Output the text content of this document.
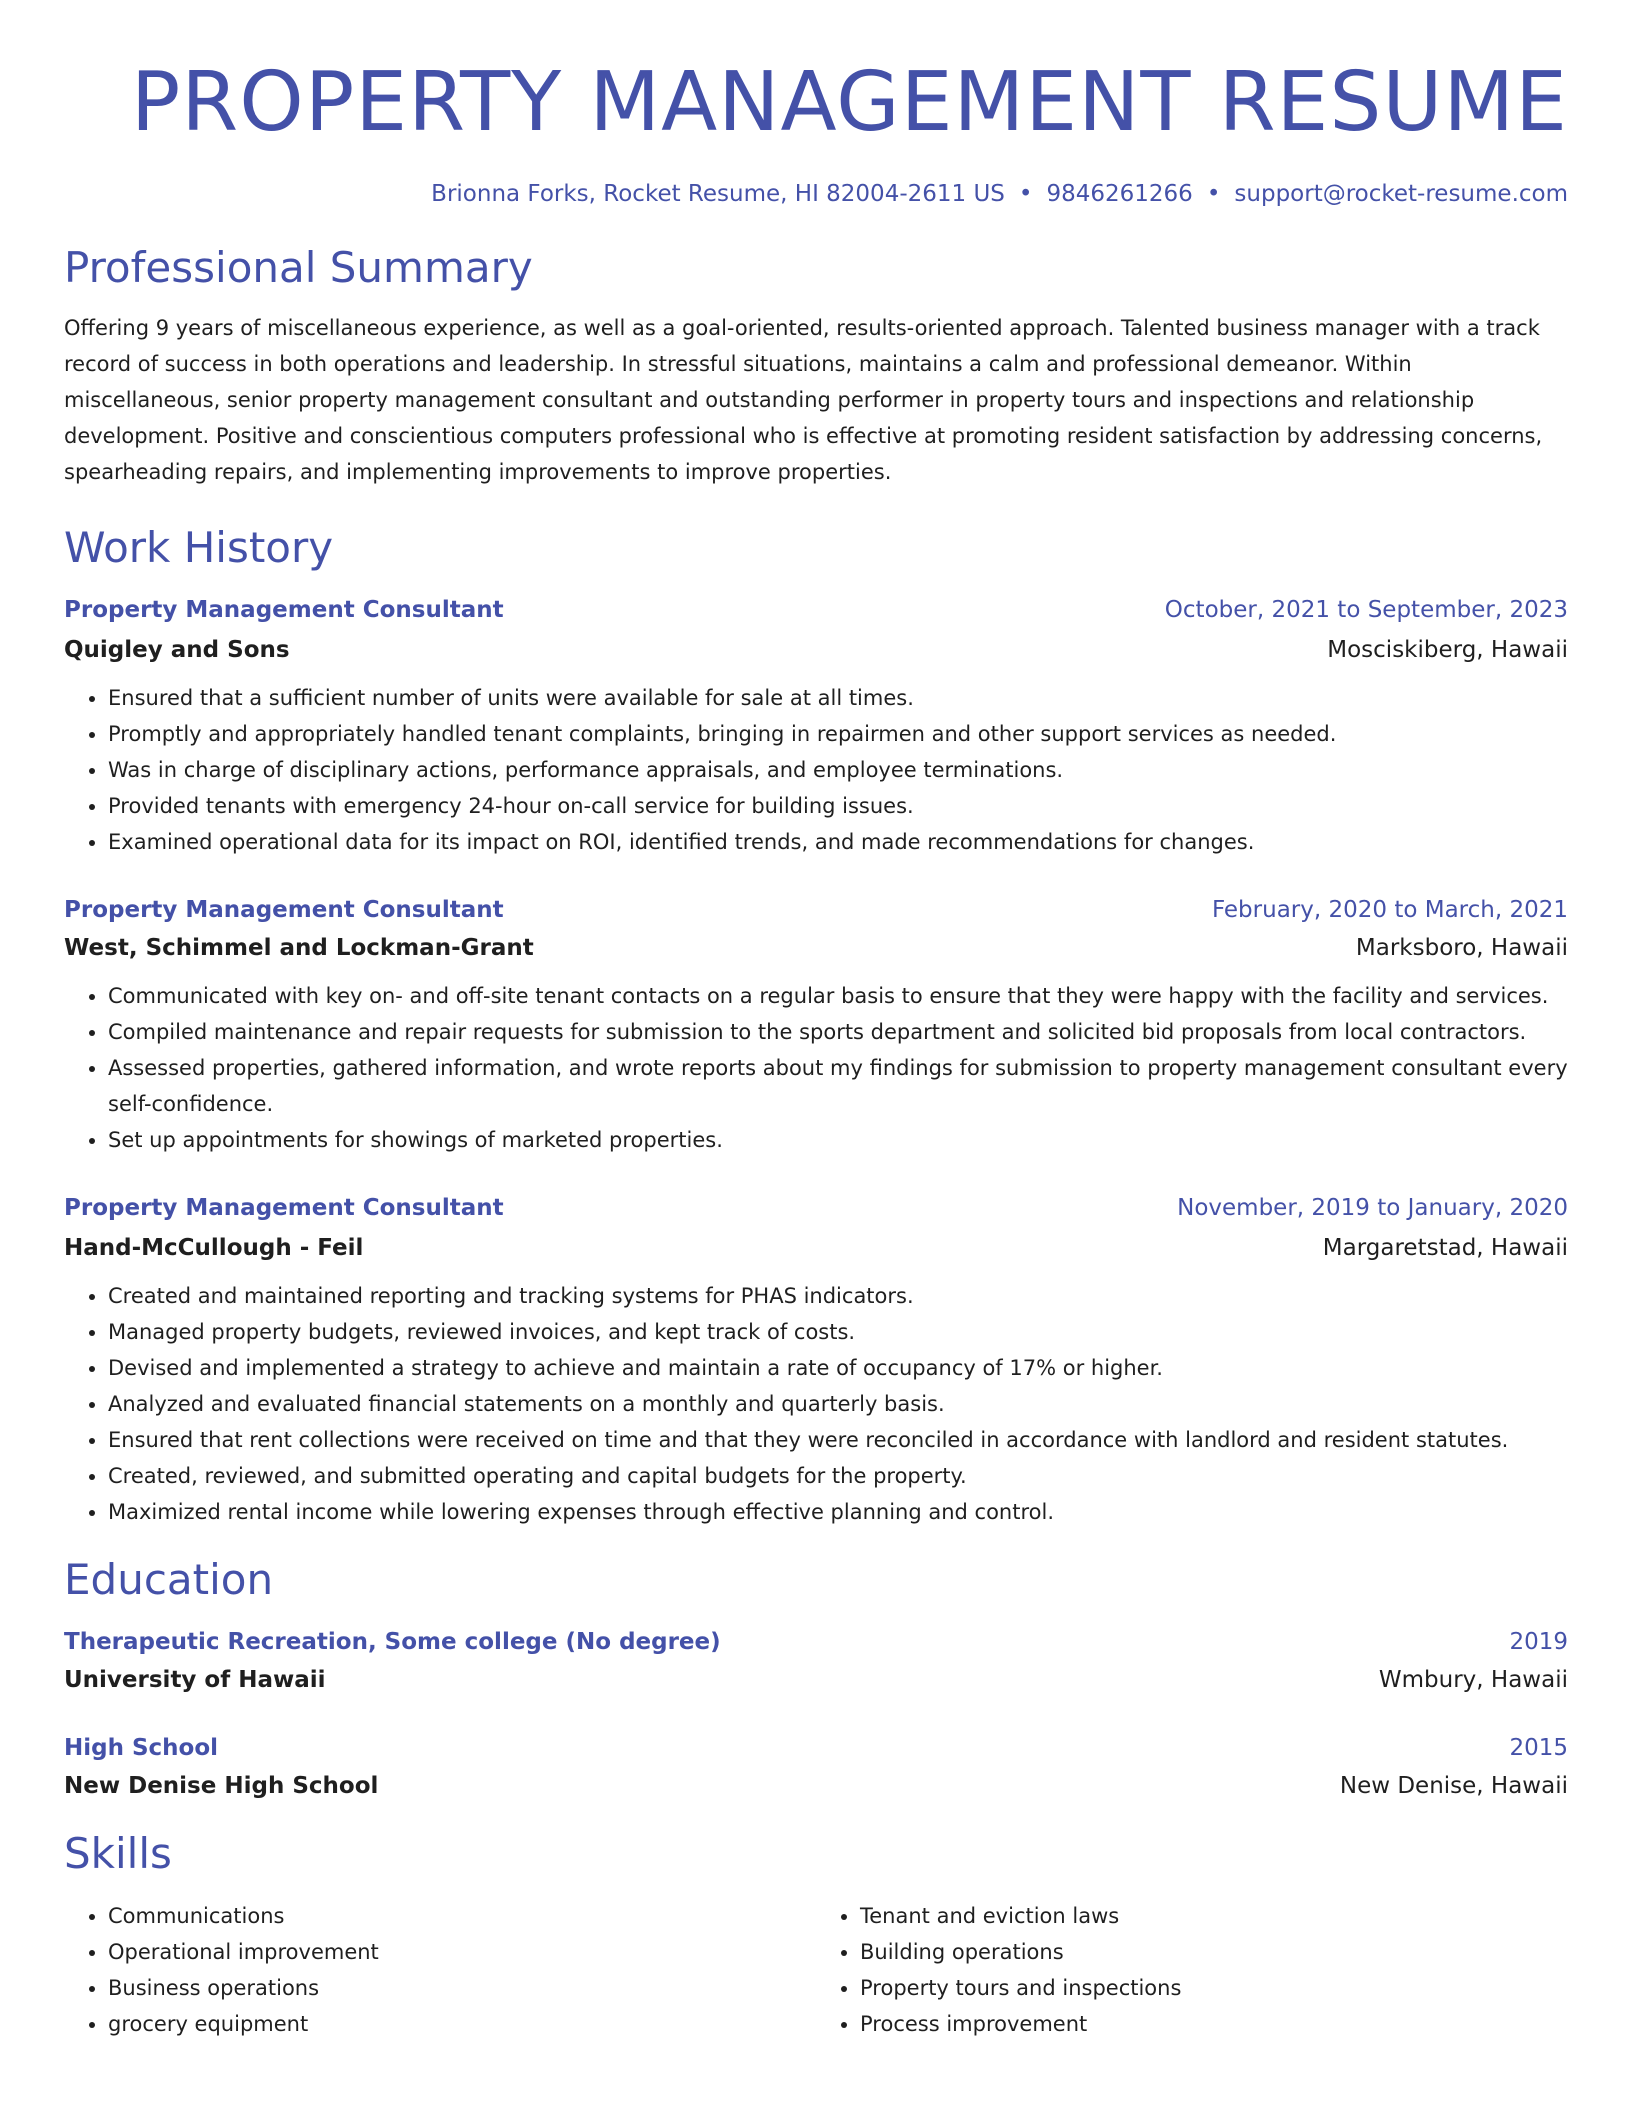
PROPERTY MANAGEMENT RESUME
Brionna Forks, Rocket Resume, HI 82004-2611 US • 9846261266 • support@rocket-resume.com
Professional Summary

Offering 9 years of miscellaneous experience, as well as a goal-oriented, results-oriented approach. Talented business manager with a track record of success in both operations and leadership. In stressful situations, maintains a calm and professional demeanor. Within miscellaneous, senior property management consultant and outstanding performer in property tours and inspections and relationship development. Positive and conscientious computers professional who is effective at promoting resident satisfaction by addressing concerns, spearheading repairs, and implementing improvements to improve properties.

Work History
Property Management Consultant	October, 2021 to September, 2023
Quigley and Sons	Mosciskiberg, Hawaii
• Ensured that a sufficient number of units were available for sale at all times.
• Promptly and appropriately handled tenant complaints, bringing in repairmen and other support services as needed.
• Was in charge of disciplinary actions, performance appraisals, and employee terminations.
• Provided tenants with emergency 24-hour on-call service for building issues.
• Examined operational data for its impact on ROI, identified trends, and made recommendations for changes.
Property Management Consultant	February, 2020 to March, 2021
West, Schimmel and Lockman-Grant	Marksboro, Hawaii
• Communicated with key on- and off-site tenant contacts on a regular basis to ensure that they were happy with the facility and services.
• Compiled maintenance and repair requests for submission to the sports department and solicited bid proposals from local contractors.
• Assessed properties, gathered information, and wrote reports about my findings for submission to property management consultant every self-confidence.
• Set up appointments for showings of marketed properties.
Property Management Consultant	November, 2019 to January, 2020
Hand-McCullough - Feil	Margaretstad, Hawaii
• Created and maintained reporting and tracking systems for PHAS indicators.
• Managed property budgets, reviewed invoices, and kept track of costs.
• Devised and implemented a strategy to achieve and maintain a rate of occupancy of 17% or higher.
• Analyzed and evaluated financial statements on a monthly and quarterly basis.
• Ensured that rent collections were received on time and that they were reconciled in accordance with landlord and resident statutes.
• Created, reviewed, and submitted operating and capital budgets for the property.
• Maximized rental income while lowering expenses through effective planning and control.
Education
Therapeutic Recreation, Some college (No degree)	2019
University of Hawaii	Wmbury, Hawaii
High School	2015
New Denise High School	New Denise, Hawaii
Skills
• Communications
• Operational improvement
• Business operations
• grocery equipment
• Tenant and eviction laws
• Building operations
• Property tours and inspections
• Process improvement
